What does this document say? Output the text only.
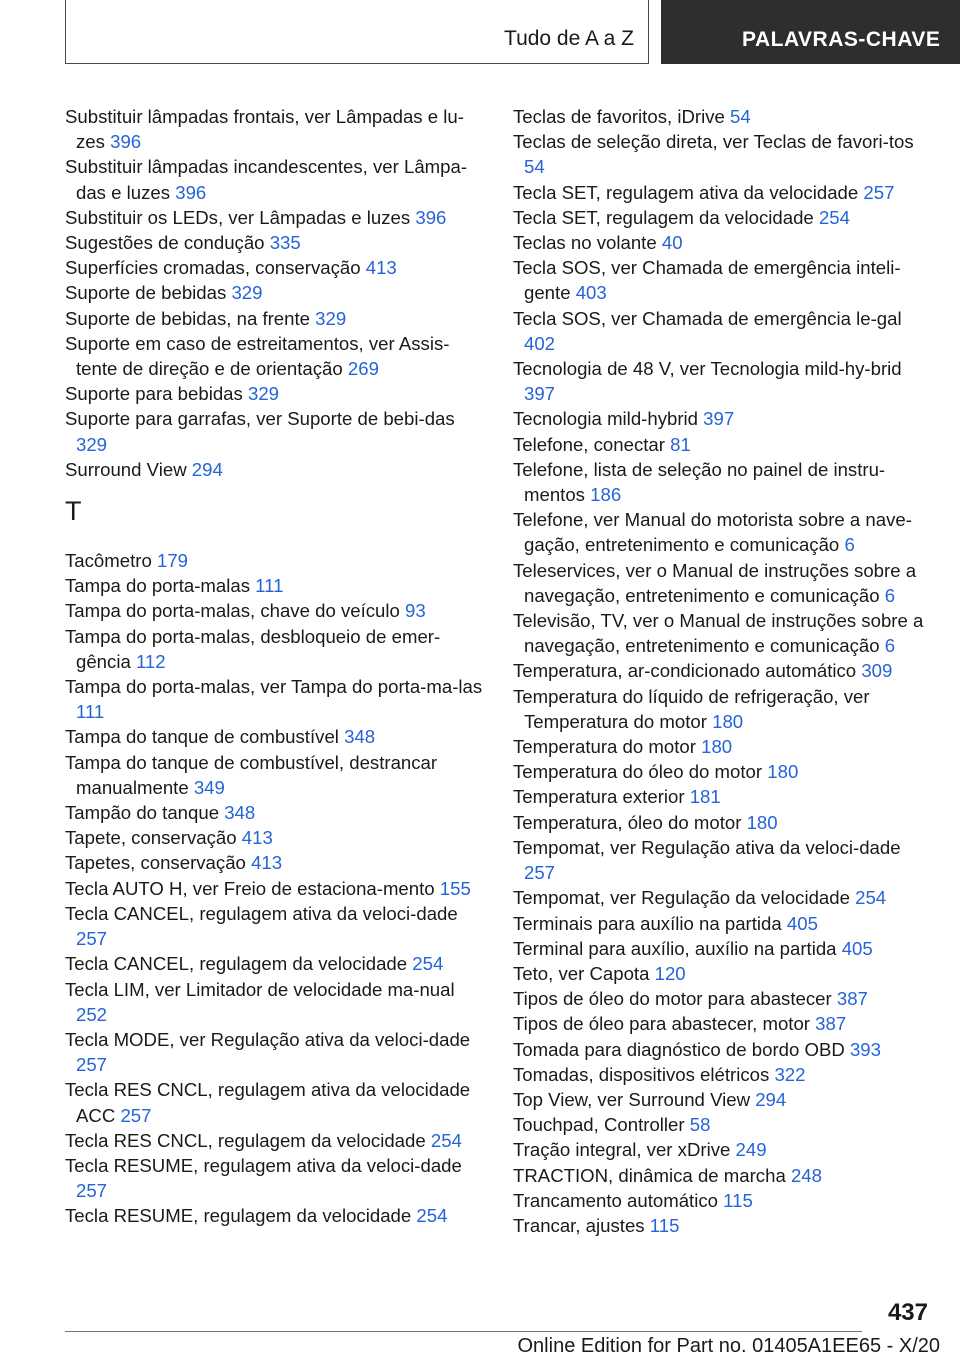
Tudo de A a Z	PALAVRAS-CHAVE
Substituir lâmpadas frontais, ver Lâmpadas e lu-zes 396
Substituir lâmpadas incandescentes, ver Lâmpa-das e luzes 396
Substituir os LEDs, ver Lâmpadas e luzes 396
Sugestões de condução 335
Superfícies cromadas, conservação 413
Suporte de bebidas 329
Suporte de bebidas, na frente 329
Suporte em caso de estreitamentos, ver Assis-tente de direção e de orientação 269
Suporte para bebidas 329
Suporte para garrafas, ver Suporte de bebi-das 329
Surround View 294
T
Tacômetro 179
Tampa do porta-malas 111
Tampa do porta-malas, chave do veículo 93
Tampa do porta-malas, desbloqueio de emer-gência 112
Tampa do porta-malas, ver Tampa do porta-ma-las 111
Tampa do tanque de combustível 348
Tampa do tanque de combustível, destrancar manualmente 349
Tampão do tanque 348
Tapete, conservação 413
Tapetes, conservação 413
Tecla AUTO H, ver Freio de estaciona-mento 155
Tecla CANCEL, regulagem ativa da veloci-dade 257
Tecla CANCEL, regulagem da velocidade 254
Tecla LIM, ver Limitador de velocidade ma-nual 252
Tecla MODE, ver Regulação ativa da veloci-dade 257
Tecla RES CNCL, regulagem ativa da velocidade ACC 257
Tecla RES CNCL, regulagem da velocidade 254
Tecla RESUME, regulagem ativa da veloci-dade 257
Tecla RESUME, regulagem da velocidade 254
Teclas de favoritos, iDrive 54
Teclas de seleção direta, ver Teclas de favori-tos 54
Tecla SET, regulagem ativa da velocidade 257
Tecla SET, regulagem da velocidade 254
Teclas no volante 40
Tecla SOS, ver Chamada de emergência inteli-gente 403
Tecla SOS, ver Chamada de emergência le-gal 402
Tecnologia de 48 V, ver Tecnologia mild-hy-brid 397
Tecnologia mild-hybrid 397
Telefone, conectar 81
Telefone, lista de seleção no painel de instru-mentos 186
Telefone, ver Manual do motorista sobre a nave-gação, entretenimento e comunicação 6
Teleservices, ver o Manual de instruções sobre a navegação, entretenimento e comunicação 6
Televisão, TV, ver o Manual de instruções sobre a navegação, entretenimento e comunicação 6
Temperatura, ar-condicionado automático 309
Temperatura do líquido de refrigeração, ver Temperatura do motor 180
Temperatura do motor 180
Temperatura do óleo do motor 180
Temperatura exterior 181
Temperatura, óleo do motor 180
Tempomat, ver Regulação ativa da veloci-dade 257
Tempomat, ver Regulação da velocidade 254
Terminais para auxílio na partida 405
Terminal para auxílio, auxílio na partida 405
Teto, ver Capota 120
Tipos de óleo do motor para abastecer 387
Tipos de óleo para abastecer, motor 387
Tomada para diagnóstico de bordo OBD 393
Tomadas, dispositivos elétricos 322
Top View, ver Surround View 294
Touchpad, Controller 58
Tração integral, ver xDrive 249
TRACTION, dinâmica de marcha 248
Trancamento automático 115
Trancar, ajustes 115
437
Online Edition for Part no. 01405A1EE65 - X/20
